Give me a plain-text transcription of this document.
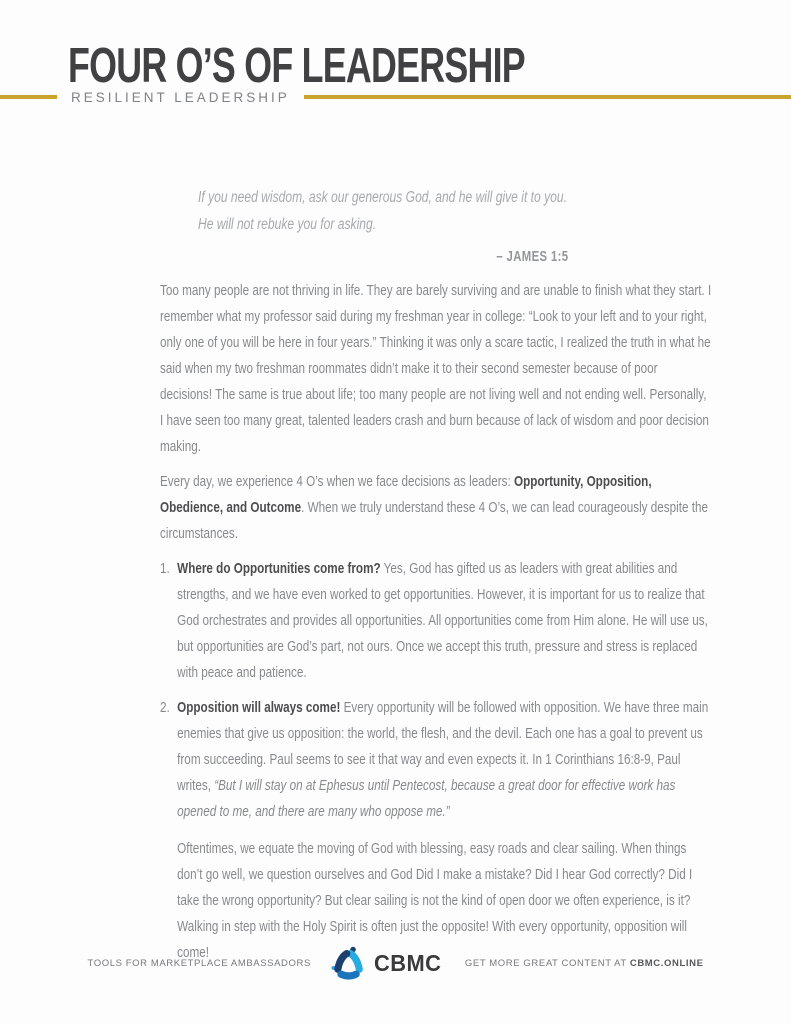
FOUR O’S OF LEADERSHIP
RESILIENT LEADERSHIP
If you need wisdom, ask our generous God, and he will give it to you.
He will not rebuke you for asking.
– JAMES 1:5

Too many people are not thriving in life. They are barely surviving and are unable to finish what they start. I remember what my professor said during my freshman year in college: “Look to your left and to your right, only one of you will be here in four years.” Thinking it was only a scare tactic, I realized the truth in what he said when my two freshman roommates didn’t make it to their second semester because of poor decisions! The same is true about life; too many people are not living well and not ending well. Personally, I have seen too many great, talented leaders crash and burn because of lack of wisdom and poor decision making.

Every day, we experience 4 O’s when we face decisions as leaders: Opportunity, Opposition, Obedience, and Outcome. When we truly understand these 4 O’s, we can lead courageously despite the circumstances.

1. Where do Opportunities come from? Yes, God has gifted us as leaders with great abilities and strengths, and we have even worked to get opportunities. However, it is important for us to realize that God orchestrates and provides all opportunities. All opportunities come from Him alone. He will use us, but opportunities are God’s part, not ours. Once we accept this truth, pressure and stress is replaced with peace and patience.

2. Opposition will always come! Every opportunity will be followed with opposition. We have three main enemies that give us opposition: the world, the flesh, and the devil. Each one has a goal to prevent us from succeeding. Paul seems to see it that way and even expects it. In 1 Corinthians 16:8-9, Paul writes, “But I will stay on at Ephesus until Pentecost, because a great door for effective work has opened to me, and there are many who oppose me.”

Oftentimes, we equate the moving of God with blessing, easy roads and clear sailing. When things don’t go well, we question ourselves and God Did I make a mistake? Did I hear God correctly? Did I take the wrong opportunity? But clear sailing is not the kind of open door we often experience, is it? Walking in step with the Holy Spirit is often just the opposite! With every opportunity, opposition will come!

TOOLS FOR MARKETPLACE AMBASSADORS	CBMC GET MORE GREAT CONTENT AT CBMC.ONLINE
